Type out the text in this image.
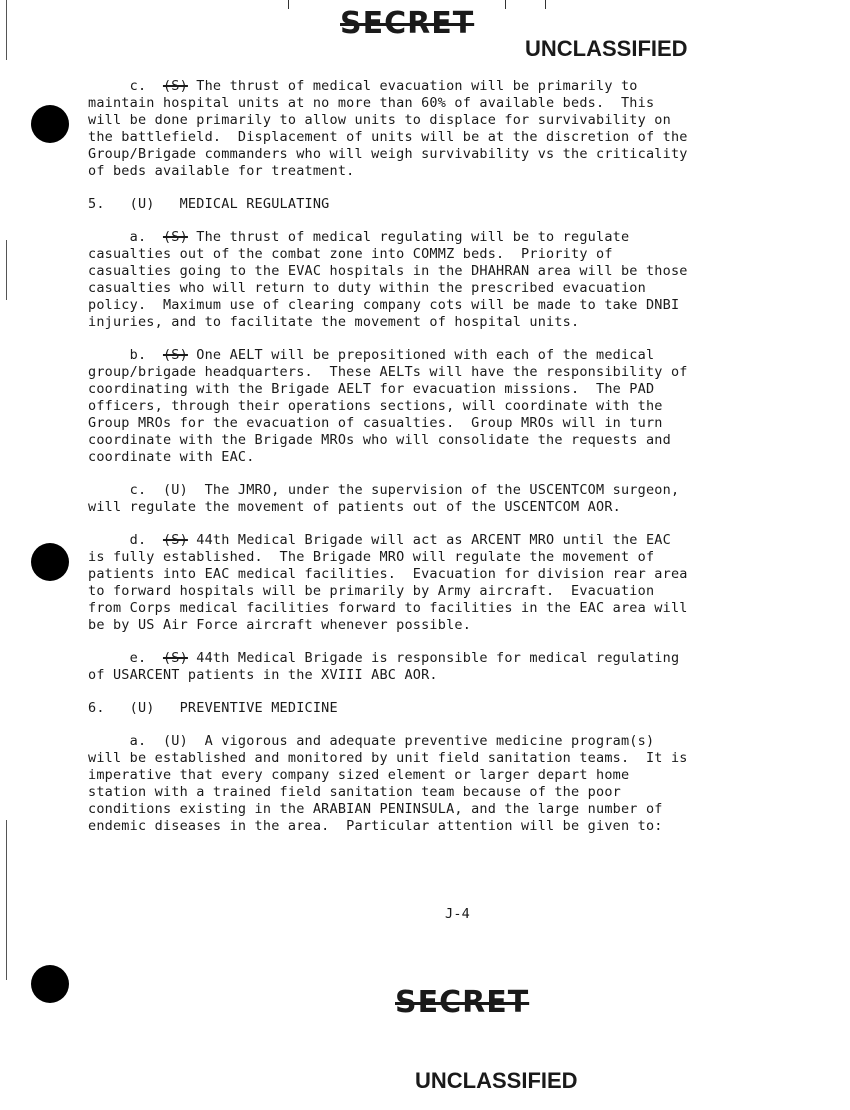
SECRET
UNCLASSIFIED
c.  (S) The thrust of medical evacuation will be primarily to
maintain hospital units at no more than 60% of available beds.  This
will be done primarily to allow units to displace for survivability on
the battlefield.  Displacement of units will be at the discretion of the
Group/Brigade commanders who will weigh survivability vs the criticality
of beds available for treatment.
5.   (U)   MEDICAL REGULATING
a.  (S) The thrust of medical regulating will be to regulate
casualties out of the combat zone into COMMZ beds.  Priority of
casualties going to the EVAC hospitals in the DHAHRAN area will be those
casualties who will return to duty within the prescribed evacuation
policy.  Maximum use of clearing company cots will be made to take DNBI
injuries, and to facilitate the movement of hospital units.
b.  (S) One AELT will be prepositioned with each of the medical
group/brigade headquarters.  These AELTs will have the responsibility of
coordinating with the Brigade AELT for evacuation missions.  The PAD
officers, through their operations sections, will coordinate with the
Group MROs for the evacuation of casualties.  Group MROs will in turn
coordinate with the Brigade MROs who will consolidate the requests and
coordinate with EAC.
c.  (U)  The JMRO, under the supervision of the USCENTCOM surgeon,
will regulate the movement of patients out of the USCENTCOM AOR.
d.  (S) 44th Medical Brigade will act as ARCENT MRO until the EAC
is fully established.  The Brigade MRO will regulate the movement of
patients into EAC medical facilities.  Evacuation for division rear area
to forward hospitals will be primarily by Army aircraft.  Evacuation
from Corps medical facilities forward to facilities in the EAC area will
be by US Air Force aircraft whenever possible.
e.  (S) 44th Medical Brigade is responsible for medical regulating
of USARCENT patients in the XVIII ABC AOR.
6.   (U)   PREVENTIVE MEDICINE
a.  (U)  A vigorous and adequate preventive medicine program(s)
will be established and monitored by unit field sanitation teams.  It is
imperative that every company sized element or larger depart home
station with a trained field sanitation team because of the poor
conditions existing in the ARABIAN PENINSULA, and the large number of
endemic diseases in the area.  Particular attention will be given to:
J-4
SECRET
UNCLASSIFIED
